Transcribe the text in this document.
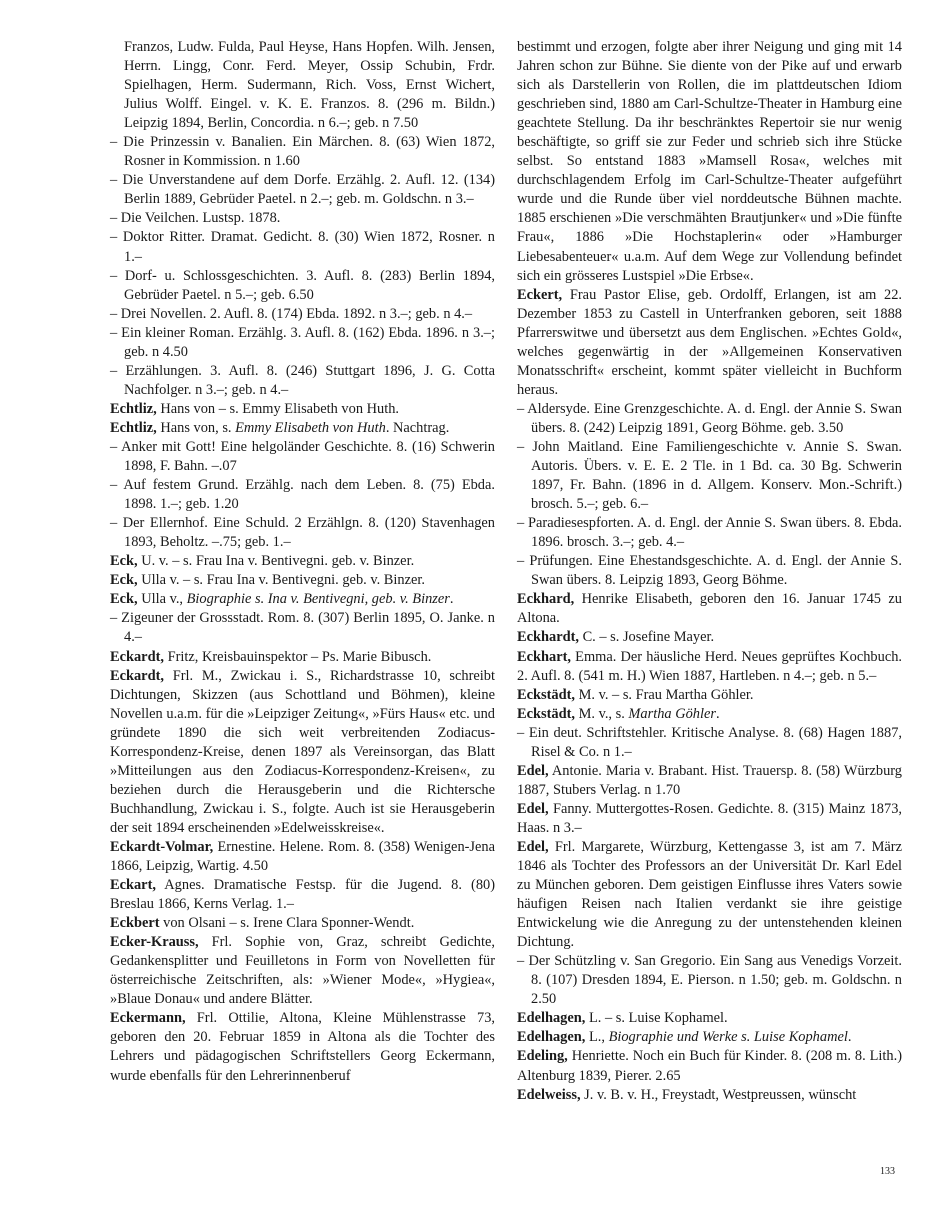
Franzos, Ludw. Fulda, Paul Heyse, Hans Hopfen. Wilh. Jensen, Herrn. Lingg, Conr. Ferd. Meyer, Ossip Schubin, Frdr. Spielhagen, Herm. Sudermann, Rich. Voss, Ernst Wichert, Julius Wolff. Eingel. v. K. E. Franzos. 8. (296 m. Bildn.) Leipzig 1894, Berlin, Concordia. n 6.–; geb. n 7.50

– Die Prinzessin v. Banalien. Ein Märchen. 8. (63) Wien 1872, Rosner in Kommission. n 1.60

– Die Unverstandene auf dem Dorfe. Erzählg. 2. Aufl. 12. (134) Berlin 1889, Gebrüder Paetel. n 2.–; geb. m. Goldschn. n 3.–

– Die Veilchen. Lustsp. 1878.

– Doktor Ritter. Dramat. Gedicht. 8. (30) Wien 1872, Rosner. n 1.–

– Dorf- u. Schlossgeschichten. 3. Aufl. 8. (283) Berlin 1894, Gebrüder Paetel. n 5.–; geb. 6.50

– Drei Novellen. 2. Aufl. 8. (174) Ebda. 1892. n 3.–; geb. n 4.–

– Ein kleiner Roman. Erzählg. 3. Aufl. 8. (162) Ebda. 1896. n 3.–; geb. n 4.50

– Erzählungen. 3. Aufl. 8. (246) Stuttgart 1896, J. G. Cotta Nachfolger. n 3.–; geb. n 4.–

Echtliz, Hans von – s. Emmy Elisabeth von Huth.

Echtliz, Hans von, s. Emmy Elisabeth von Huth. Nachtrag.

– Anker mit Gott! Eine helgoländer Geschichte. 8. (16) Schwerin 1898, F. Bahn. –.07

– Auf festem Grund. Erzählg. nach dem Leben. 8. (75) Ebda. 1898. 1.–; geb. 1.20

– Der Ellernhof. Eine Schuld. 2 Erzählgn. 8. (120) Stavenhagen 1893, Beholtz. –.75; geb. 1.–

Eck, U. v. – s. Frau Ina v. Bentivegni. geb. v. Binzer.

Eck, Ulla v. – s. Frau Ina v. Bentivegni. geb. v. Binzer.

Eck, Ulla v., Biographie s. Ina v. Bentivegni, geb. v. Binzer.

– Zigeuner der Grossstadt. Rom. 8. (307) Berlin 1895, O. Janke. n 4.–

Eckardt, Fritz, Kreisbauinspektor – Ps. Marie Bibusch.

Eckardt, Frl. M., Zwickau i. S., Richardstrasse 10, schreibt Dichtungen, Skizzen (aus Schottland und Böhmen), kleine Novellen u.a.m. für die »Leipziger Zeitung«, »Fürs Haus« etc. und gründete 1890 die sich weit verbreitenden Zodiacus-Korrespondenz-Kreise, denen 1897 als Vereinsorgan, das Blatt »Mitteilungen aus den Zodiacus-Korrespondenz-Kreisen«, zu beziehen durch die Herausgeberin und die Richtersche Buchhandlung, Zwickau i. S., folgte. Auch ist sie Herausgeberin der seit 1894 erscheinenden »Edelweisskreise«.

Eckardt-Volmar, Ernestine. Helene. Rom. 8. (358) Wenigen-Jena 1866, Leipzig, Wartig. 4.50

Eckart, Agnes. Dramatische Festsp. für die Jugend. 8. (80) Breslau 1866, Kerns Verlag. 1.–

Eckbert von Olsani – s. Irene Clara Sponner-Wendt.

Ecker-Krauss, Frl. Sophie von, Graz, schreibt Gedichte, Gedankensplitter und Feuilletons in Form von Novelletten für österreichische Zeitschriften, als: »Wiener Mode«, »Hygiea«, »Blaue Donau« und andere Blätter.

Eckermann, Frl. Ottilie, Altona, Kleine Mühlenstrasse 73, geboren den 20. Februar 1859 in Altona als die Tochter des Lehrers und pädagogischen Schriftstellers Georg Eckermann, wurde ebenfalls für den Lehrerinnenberuf

bestimmt und erzogen, folgte aber ihrer Neigung und ging mit 14 Jahren schon zur Bühne. Sie diente von der Pike auf und erwarb sich als Darstellerin von Rollen, die im plattdeutschen Idiom geschrieben sind, 1880 am Carl-Schultze-Theater in Hamburg eine geachtete Stellung. Da ihr beschränktes Repertoir sie nur wenig beschäftigte, so griff sie zur Feder und schrieb sich ihre Stücke selbst. So entstand 1883 »Mamsell Rosa«, welches mit durchschlagendem Erfolg im Carl-Schultze-Theater aufgeführt wurde und die Runde über viel norddeutsche Bühnen machte. 1885 erschienen »Die verschmähten Brautjunker« und »Die fünfte Frau«, 1886 »Die Hochstaplerin« oder »Hamburger Liebesabenteuer« u.a.m. Auf dem Wege zur Vollendung befindet sich ein grösseres Lustspiel »Die Erbse«.

Eckert, Frau Pastor Elise, geb. Ordolff, Erlangen, ist am 22. Dezember 1853 zu Castell in Unterfranken geboren, seit 1888 Pfarrerswitwe und übersetzt aus dem Englischen. »Echtes Gold«, welches gegenwärtig in der »Allgemeinen Konservativen Monatsschrift« erscheint, kommt später vielleicht in Buchform heraus.

– Aldersyde. Eine Grenzgeschichte. A. d. Engl. der Annie S. Swan übers. 8. (242) Leipzig 1891, Georg Böhme. geb. 3.50

– John Maitland. Eine Familiengeschichte v. Annie S. Swan. Autoris. Übers. v. E. E. 2 Tle. in 1 Bd. ca. 30 Bg. Schwerin 1897, Fr. Bahn. (1896 in d. Allgem. Konserv. Mon.-Schrift.) brosch. 5.–; geb. 6.–

– Paradiesespforten. A. d. Engl. der Annie S. Swan übers. 8. Ebda. 1896. brosch. 3.–; geb. 4.–

– Prüfungen. Eine Ehestandsgeschichte. A. d. Engl. der Annie S. Swan übers. 8. Leipzig 1893, Georg Böhme.

Eckhard, Henrike Elisabeth, geboren den 16. Januar 1745 zu Altona.

Eckhardt, C. – s. Josefine Mayer.

Eckhart, Emma. Der häusliche Herd. Neues geprüftes Kochbuch. 2. Aufl. 8. (541 m. H.) Wien 1887, Hartleben. n 4.–; geb. n 5.–

Eckstädt, M. v. – s. Frau Martha Göhler.

Eckstädt, M. v., s. Martha Göhler.

– Ein deut. Schriftstehler. Kritische Analyse. 8. (68) Hagen 1887, Risel & Co. n 1.–

Edel, Antonie. Maria v. Brabant. Hist. Trauersp. 8. (58) Würzburg 1887, Stubers Verlag. n 1.70

Edel, Fanny. Muttergottes-Rosen. Gedichte. 8. (315) Mainz 1873, Haas. n 3.–

Edel, Frl. Margarete, Würzburg, Kettengasse 3, ist am 7. März 1846 als Tochter des Professors an der Universität Dr. Karl Edel zu München geboren. Dem geistigen Einflusse ihres Vaters sowie häufigen Reisen nach Italien verdankt sie ihre geistige Entwickelung wie die Anregung zu der untenstehenden kleinen Dichtung.

– Der Schützling v. San Gregorio. Ein Sang aus Venedigs Vorzeit. 8. (107) Dresden 1894, E. Pierson. n 1.50; geb. m. Goldschn. n 2.50

Edelhagen, L. – s. Luise Kophamel.

Edelhagen, L., Biographie und Werke s. Luise Kophamel.

Edeling, Henriette. Noch ein Buch für Kinder. 8. (208 m. 8. Lith.) Altenburg 1839, Pierer. 2.65

Edelweiss, J. v. B. v. H., Freystadt, Westpreussen, wünscht

133
